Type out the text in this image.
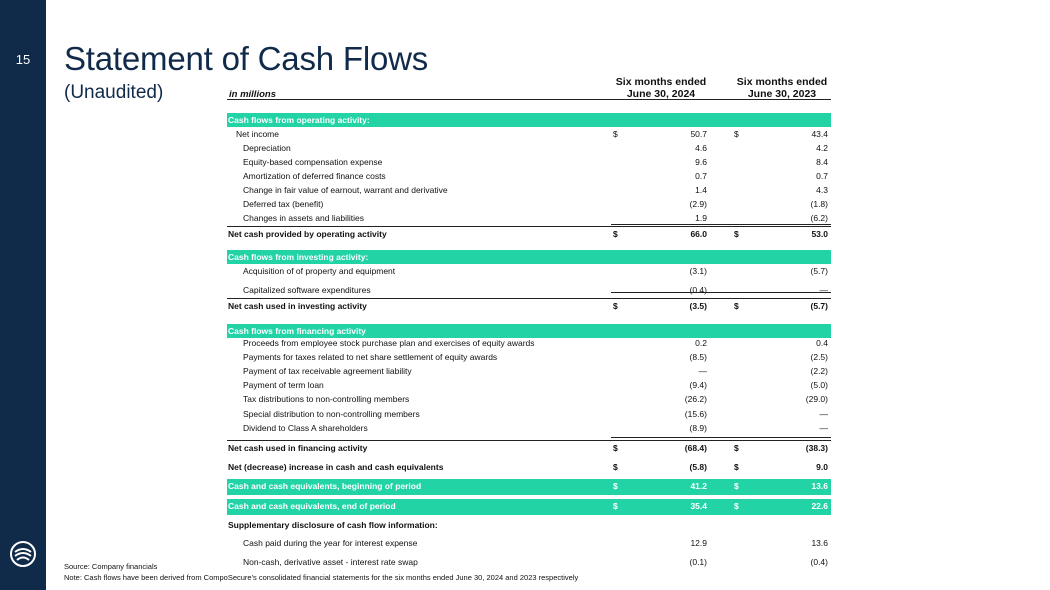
15	Statement of Cash Flows
(Unaudited)	in millions
Six months ended
June 30, 2024
Six months ended
June 30, 2023
Cash flows from operating activity:
Net income	$	50.7	$	43.4
Depreciation	4.6	4.2
Equity-based compensation expense	9.6	8.4
Amortization of deferred finance costs	0.7	0.7
Change in fair value of earnout, warrant and derivative	1.4	4.3
Deferred tax (benefit)	(2.9)	(1.8)
Changes in assets and liabilities	1.9	(6.2)
Net cash provided by operating activity	$	66.0	$	53.0
Cash flows from investing activity:
Acquisition of of property and equipment	(3.1)	(5.7)
Capitalized software expenditures	(0.4)	—
Net cash used in investing activity	$	(3.5)	$	(5.7)
Cash flows from financing activity
Proceeds from employee stock purchase plan and exercises of equity awards	0.2	0.4
Payments for taxes related to net share settlement of equity awards	(8.5)	(2.5)
Payment of tax receivable agreement liability	—	(2.2)
Payment of term loan	(9.4)	(5.0)
Tax distributions to non-controlling members	(26.2)	(29.0)
Special distribution to non-controlling members	(15.6)	—
Dividend to Class A shareholders	(8.9)	—
Net cash used in financing activity	$	(68.4)	$	(38.3)
Net (decrease) increase in cash and cash equivalents	$	(5.8)	$	9.0
Cash and cash equivalents, beginning of period	$	41.2	$	13.6
Cash and cash equivalents, end of period	$	35.4	$	22.6
Supplementary disclosure of cash flow information:
Cash paid during the year for interest expense	12.9	13.6
Non-cash, derivative asset - interest rate swap	(0.1)	(0.4)
Source: Company financials
Note: Cash flows have been derived from CompoSecure's consolidated financial statements for the six months ended June 30, 2024 and 2023 respectively
